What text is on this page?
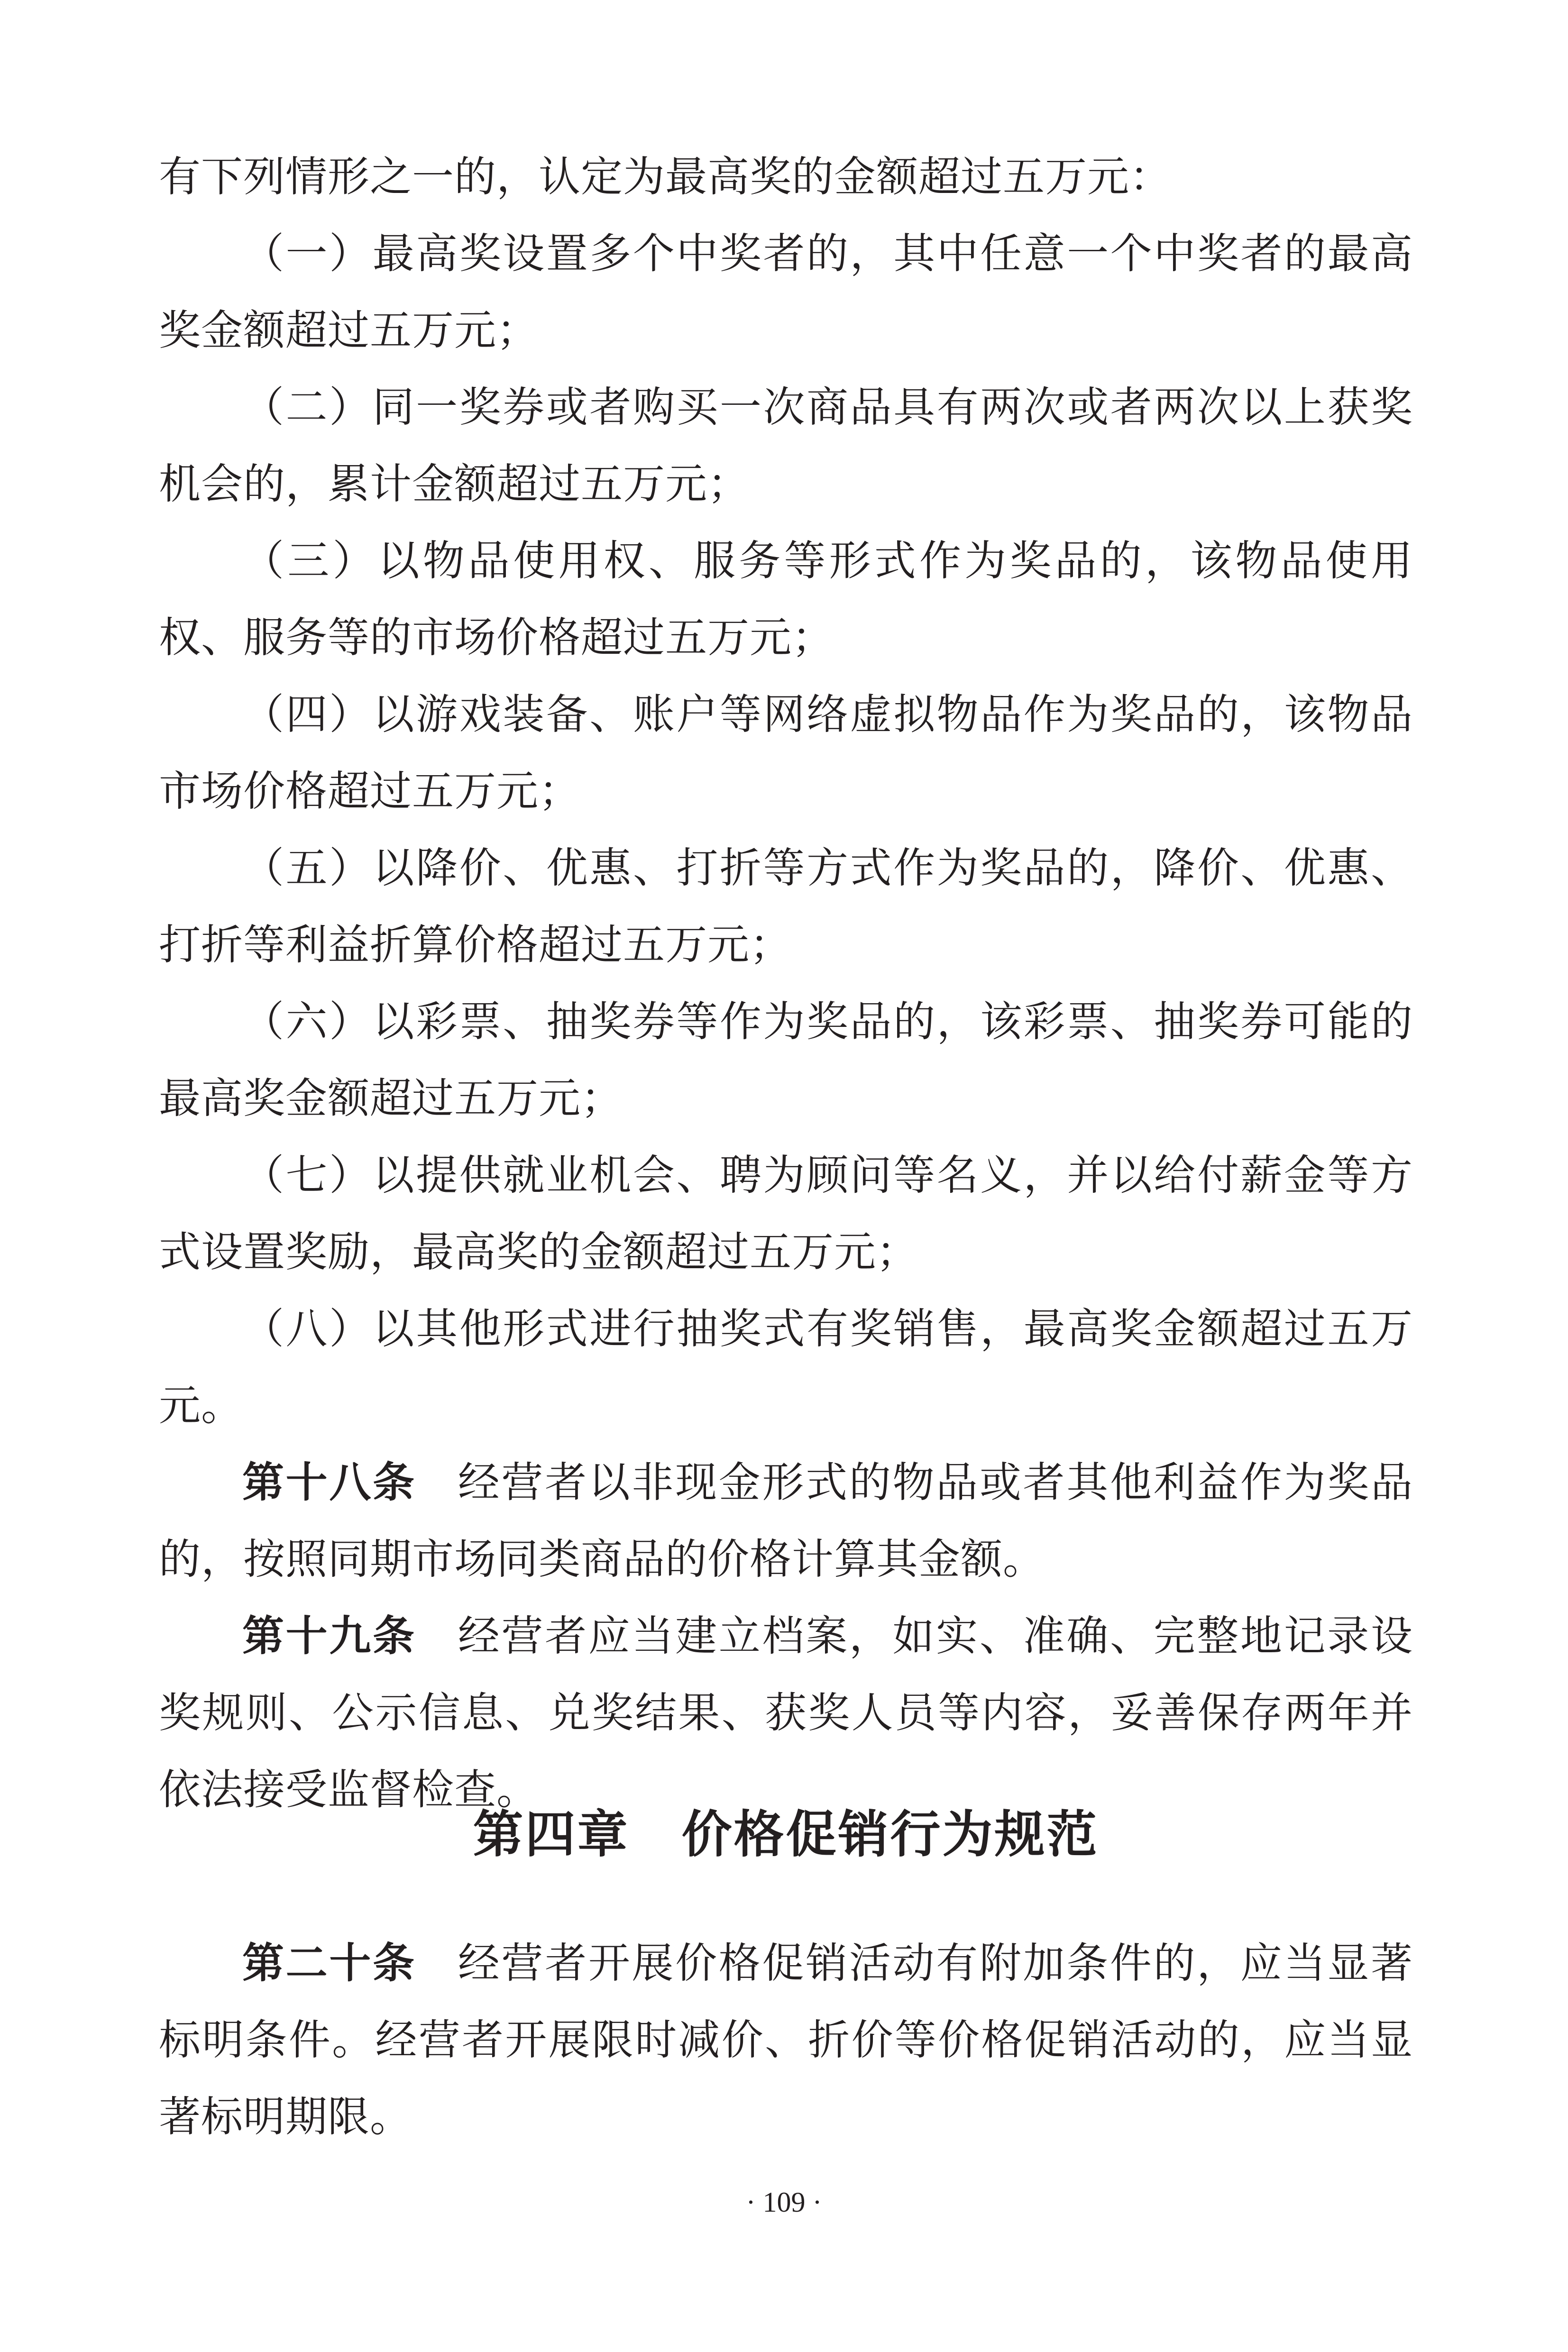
有下列情形之一的，认定为最高奖的金额超过五万元：

（一）最高奖设置多个中奖者的，其中任意一个中奖者的最高奖金额超过五万元；

（二）同一奖券或者购买一次商品具有两次或者两次以上获奖机会的，累计金额超过五万元；

（三）以物品使用权、服务等形式作为奖品的，该物品使用权、服务等的市场价格超过五万元；

（四）以游戏装备、账户等网络虚拟物品作为奖品的，该物品市场价格超过五万元；

（五）以降价、优惠、打折等方式作为奖品的，降价、优惠、打折等利益折算价格超过五万元；

（六）以彩票、抽奖券等作为奖品的，该彩票、抽奖券可能的最高奖金额超过五万元；

（七）以提供就业机会、聘为顾问等名义，并以给付薪金等方式设置奖励，最高奖的金额超过五万元；

（八）以其他形式进行抽奖式有奖销售，最高奖金额超过五万元。

第十八条 经营者以非现金形式的物品或者其他利益作为奖品的，按照同期市场同类商品的价格计算其金额。

第十九条 经营者应当建立档案，如实、准确、完整地记录设奖规则、公示信息、兑奖结果、获奖人员等内容，妥善保存两年并依法接受监督检查。

第四章 价格促销行为规范

第二十条 经营者开展价格促销活动有附加条件的，应当显著标明条件。经营者开展限时减价、折价等价格促销活动的，应当显著标明期限。

· 109 ·
